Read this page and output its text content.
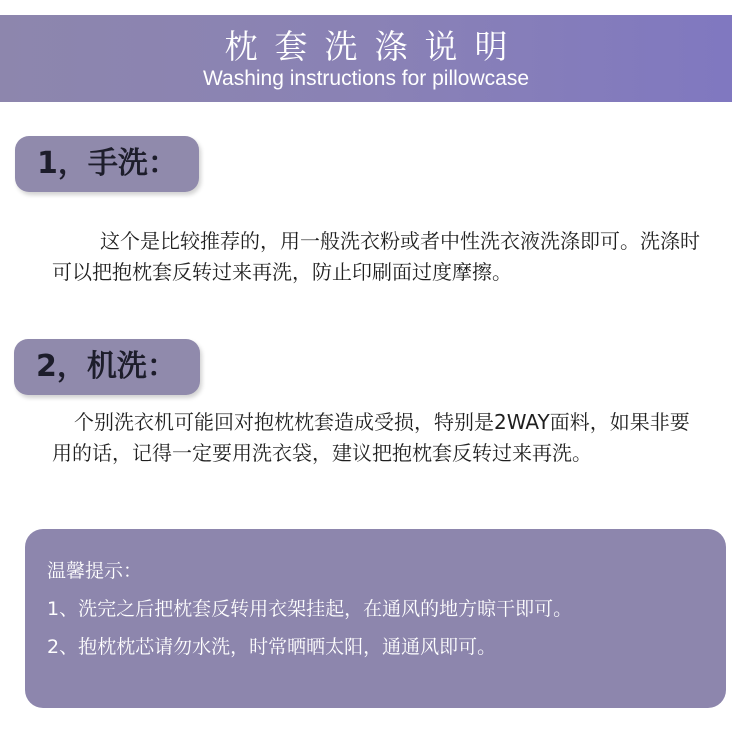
枕套洗涤说明
Washing instructions for pillowcase
1，手洗：

这个是比较推荐的，用一般洗衣粉或者中性洗衣液洗涤即可。洗涤时可以把抱枕套反转过来再洗，防止印刷面过度摩擦。

2，机洗：

个别洗衣机可能回对抱枕枕套造成受损，特别是2WAY面料，如果非要用的话，记得一定要用洗衣袋，建议把抱枕套反转过来再洗。

温馨提示：
1、洗完之后把枕套反转用衣架挂起，在通风的地方晾干即可。
2、抱枕枕芯请勿水洗，时常晒晒太阳，通通风即可。
